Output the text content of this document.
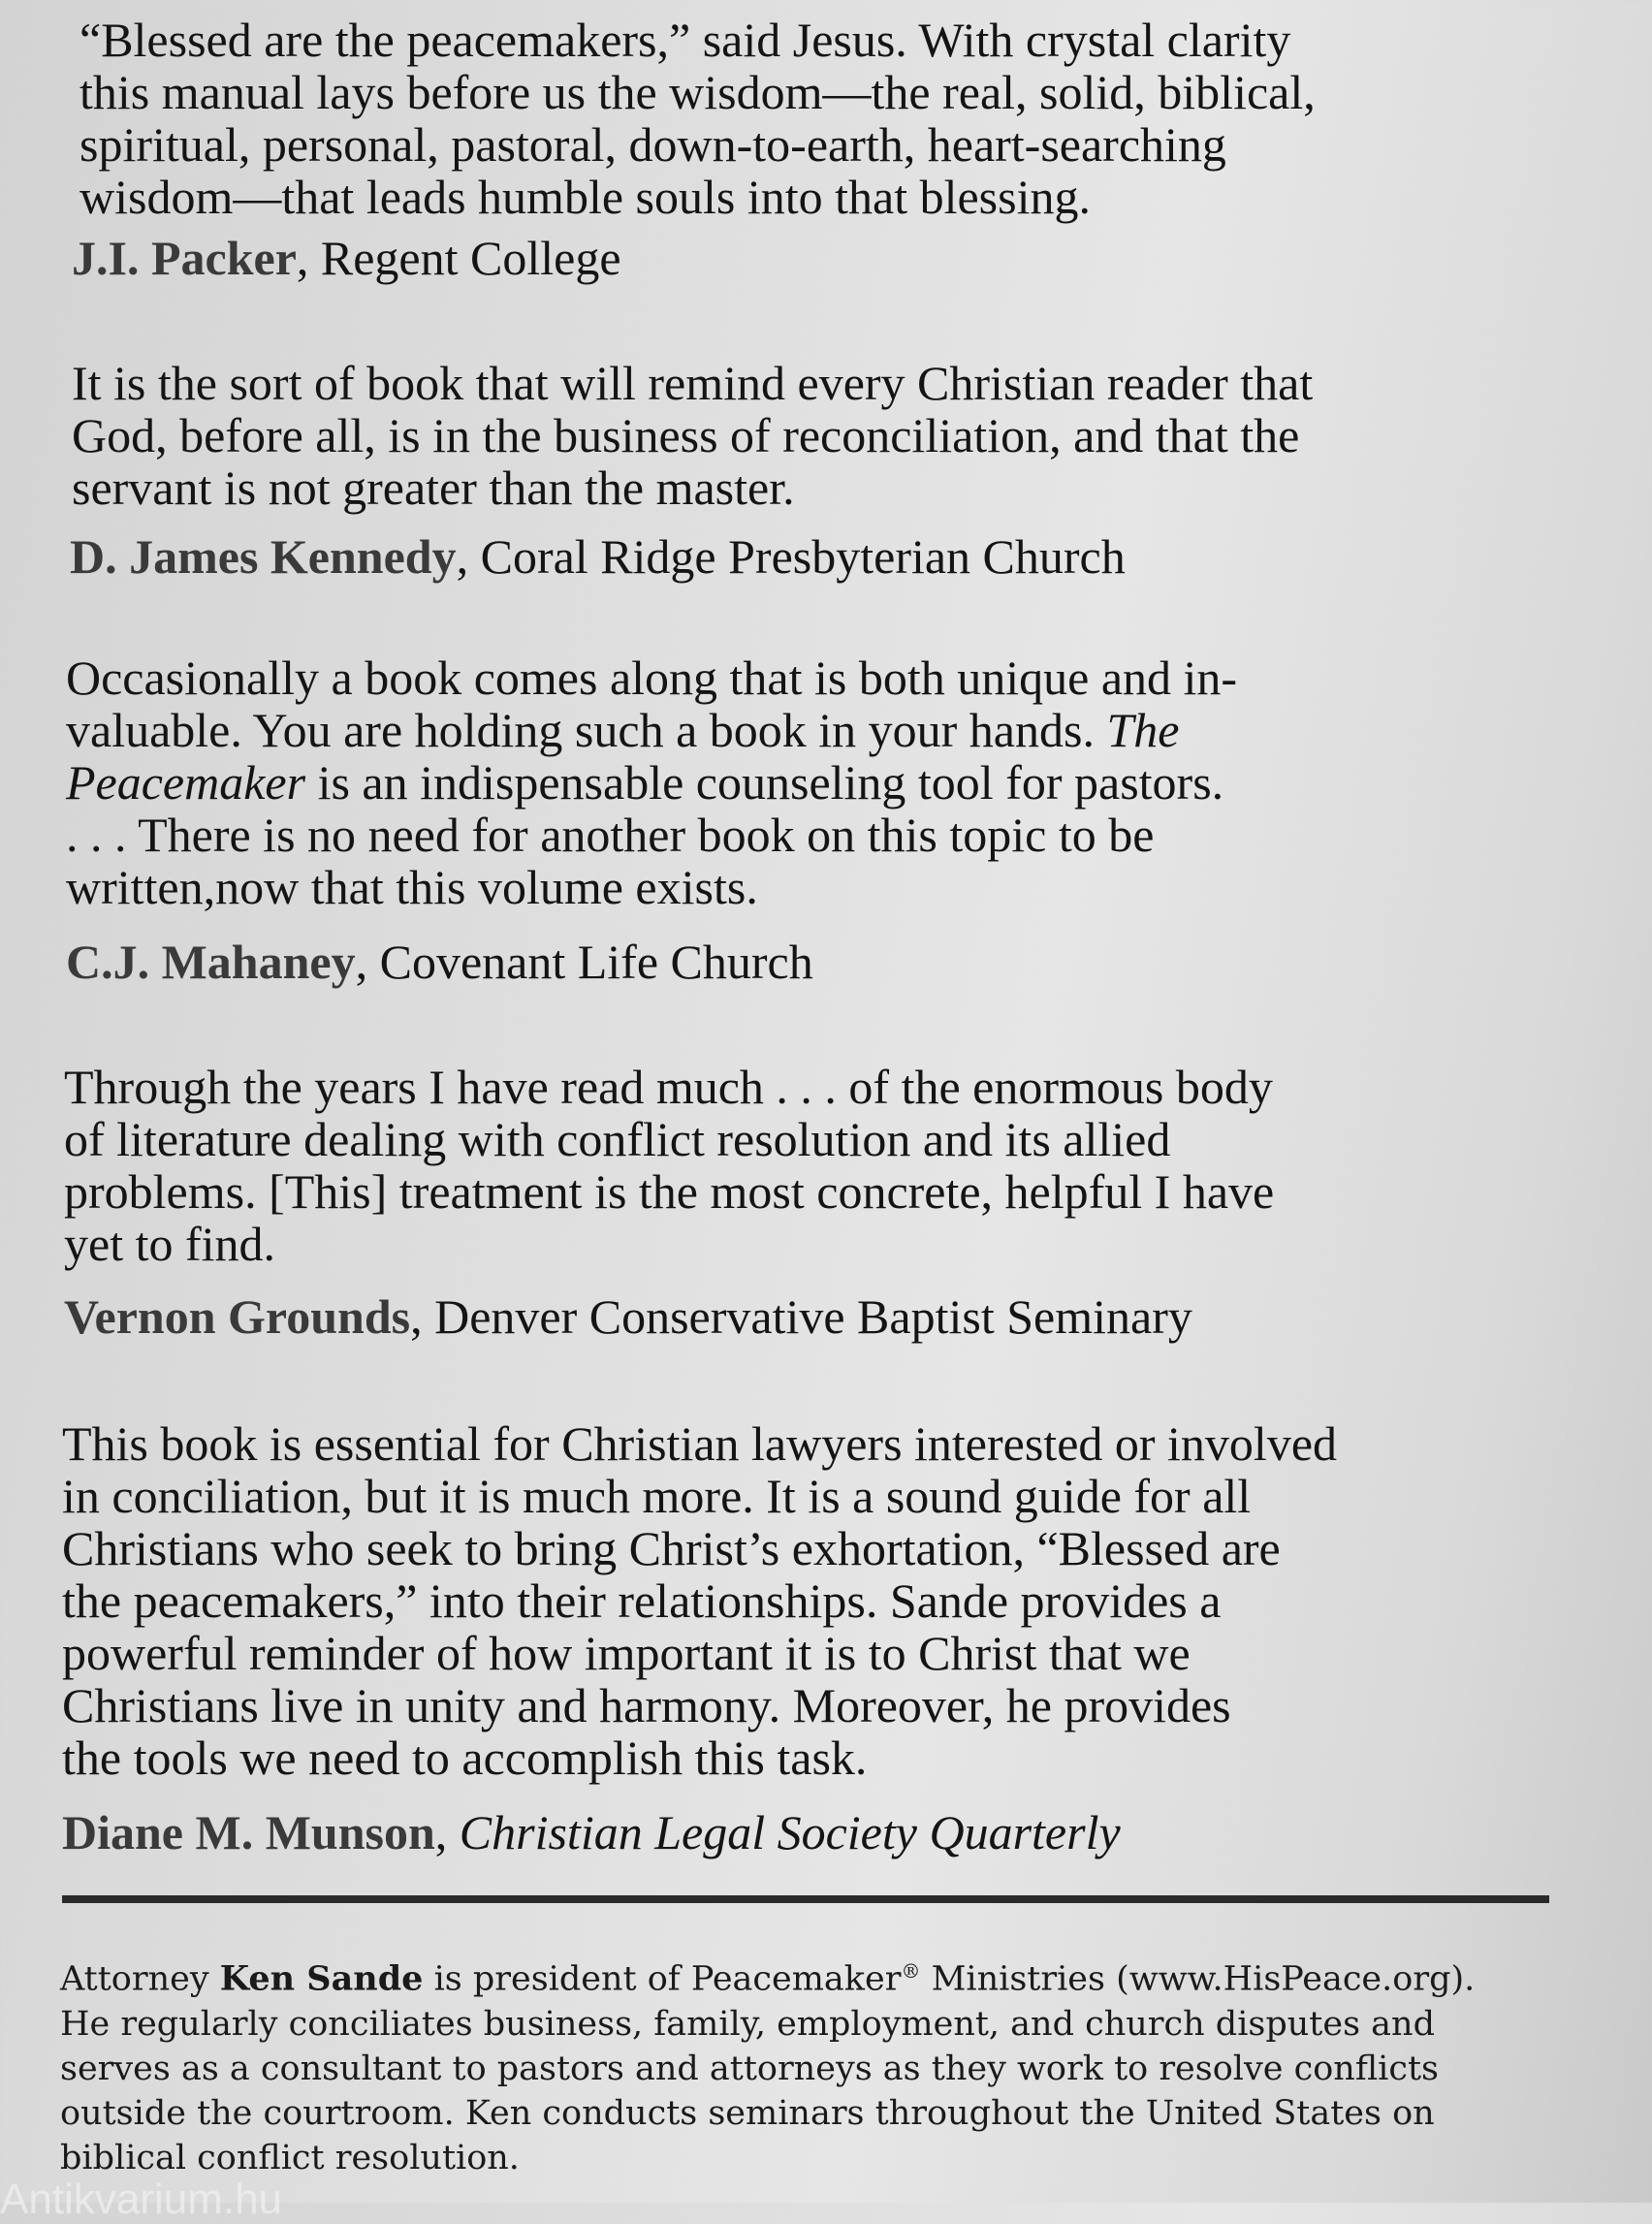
“Blessed are the peacemakers,” said Jesus. With crystal clarity
this manual lays before us the wisdom—the real, solid, biblical,
spiritual, personal, pastoral, down-to-earth, heart-searching
wisdom—that leads humble souls into that blessing.

J.I. Packer, Regent College

It is the sort of book that will remind every Christian reader that
God, before all, is in the business of reconciliation, and that the
servant is not greater than the master.

D. James Kennedy, Coral Ridge Presbyterian Church

Occasionally a book comes along that is both unique and in-
valuable. You are holding such a book in your hands. The
Peacemaker is an indispensable counseling tool for pastors.
. . . There is no need for another book on this topic to be
written,now that this volume exists.

C.J. Mahaney, Covenant Life Church

Through the years I have read much . . . of the enormous body
of literature dealing with conflict resolution and its allied
problems. [This] treatment is the most concrete, helpful I have
yet to find.

Vernon Grounds, Denver Conservative Baptist Seminary

This book is essential for Christian lawyers interested or involved
in conciliation, but it is much more. It is a sound guide for all
Christians who seek to bring Christ’s exhortation, “Blessed are
the peacemakers,” into their relationships. Sande provides a
powerful reminder of how important it is to Christ that we
Christians live in unity and harmony. Moreover, he provides
the tools we need to accomplish this task.

Diane M. Munson, Christian Legal Society Quarterly

Attorney Ken Sande is president of Peacemaker® Ministries (www.HisPeace.org).
He regularly conciliates business, family, employment, and church disputes and
serves as a consultant to pastors and attorneys as they work to resolve conflicts
outside the courtroom. Ken conducts seminars throughout the United States on
biblical conflict resolution.

Antikvarium.hu
